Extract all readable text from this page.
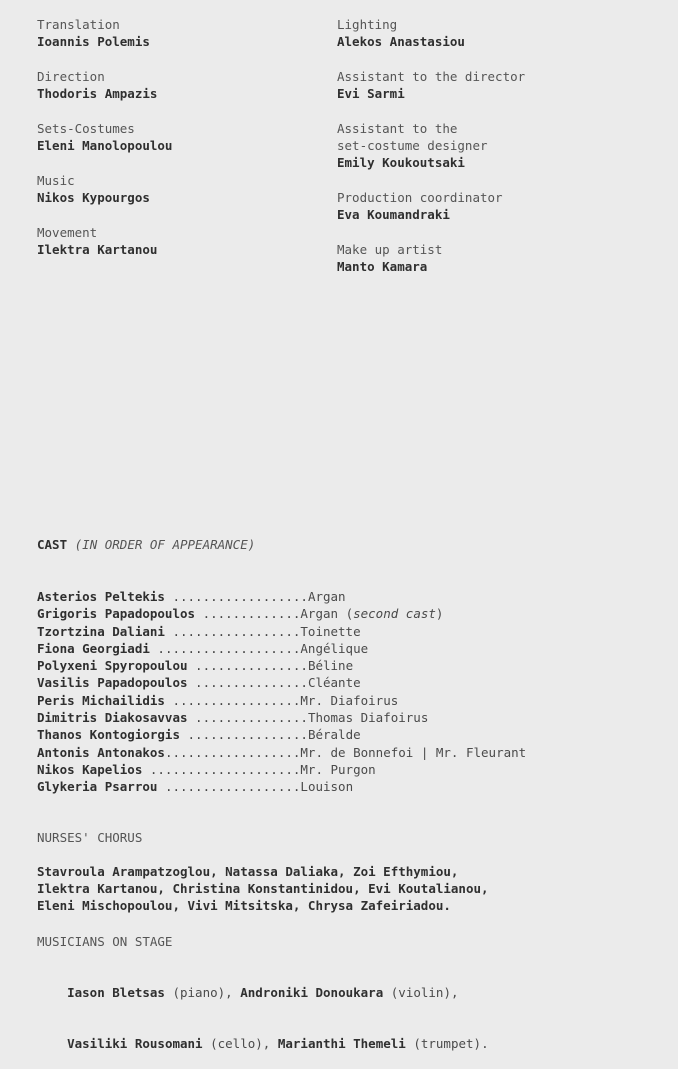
Translation
Ioannis Polemis
Direction
Thodoris Ampazis
Sets-Costumes
Eleni Manolopoulou
Music
Nikos Kypourgos
Movement
Ilektra Kartanou
Lighting
Alekos Anastasiou
Assistant to the director
Evi Sarmi
Assistant to the
set-costume designer
Emily Koukoutsaki
Production coordinator
Eva Koumandraki
Make up artist
Manto Kamara
CAST (IN ORDER OF APPEARANCE)
Asterios Peltekis ..................Argan
Grigoris Papadopoulos .............Argan (second cast)
Tzortzina Daliani .................Toinette
Fiona Georgiadi ...................Angélique
Polyxeni Spyropoulou ...............Béline
Vasilis Papadopoulos ...............Cléante
Peris Michailidis .................Mr. Diafoirus
Dimitris Diakosavvas ...............Thomas Diafoirus
Thanos Kontogiorgis ................Béralde
Antonis Antonakos..................Mr. de Bonnefoi | Mr. Fleurant
Nikos Kapelios ....................Mr. Purgon
Glykeria Psarrou ..................Louison
NURSES' CHORUS
Stavroula Arampatzoglou, Natassa Daliaka, Zoi Efthymiou,
Ilektra Kartanou, Christina Konstantinidou, Evi Koutalianou,
Eleni Mischopoulou, Vivi Mitsitska, Chrysa Zafeiriadou.
MUSICIANS ON STAGE

Iason Bletsas (piano), Androniki Donoukara (violin),

Vasiliki Rousomani (cello), Marianthi Themeli (trumpet).
